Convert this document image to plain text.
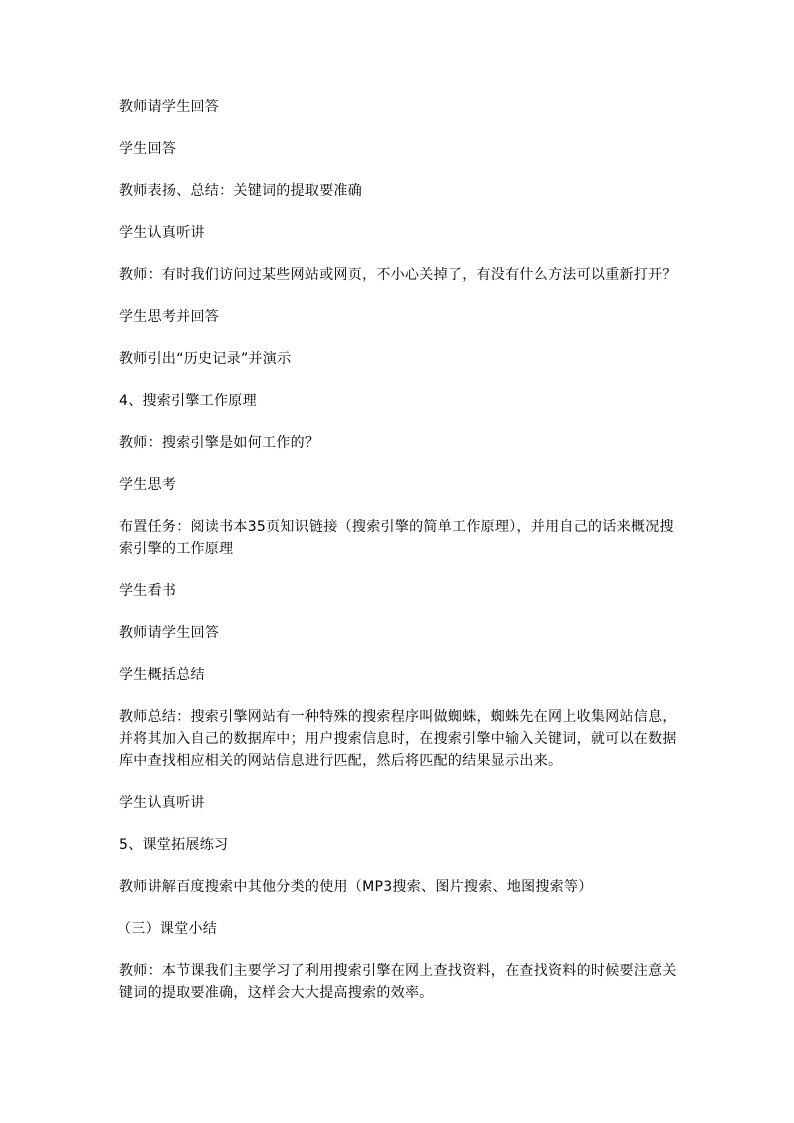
教师请学生回答

学生回答

教师表扬、总结：关键词的提取要准确

学生认真听讲

教师：有时我们访问过某些网站或网页，不小心关掉了，有没有什么方法可以重新打开？

学生思考并回答

教师引出“历史记录”并演示

4、搜索引擎工作原理

教师：搜索引擎是如何工作的？

学生思考

布置任务：阅读书本35页知识链接（搜索引擎的简单工作原理），并用自己的话来概况搜索引擎的工作原理

学生看书

教师请学生回答

学生概括总结

教师总结：搜索引擎网站有一种特殊的搜索程序叫做蜘蛛，蜘蛛先在网上收集网站信息，并将其加入自己的数据库中；用户搜索信息时，在搜索引擎中输入关键词，就可以在数据库中查找相应相关的网站信息进行匹配，然后将匹配的结果显示出来。

学生认真听讲

5、课堂拓展练习

教师讲解百度搜索中其他分类的使用（MP3搜索、图片搜索、地图搜索等）

（三）课堂小结

教师：本节课我们主要学习了利用搜索引擎在网上查找资料，在查找资料的时候要注意关键词的提取要准确，这样会大大提高搜索的效率。
